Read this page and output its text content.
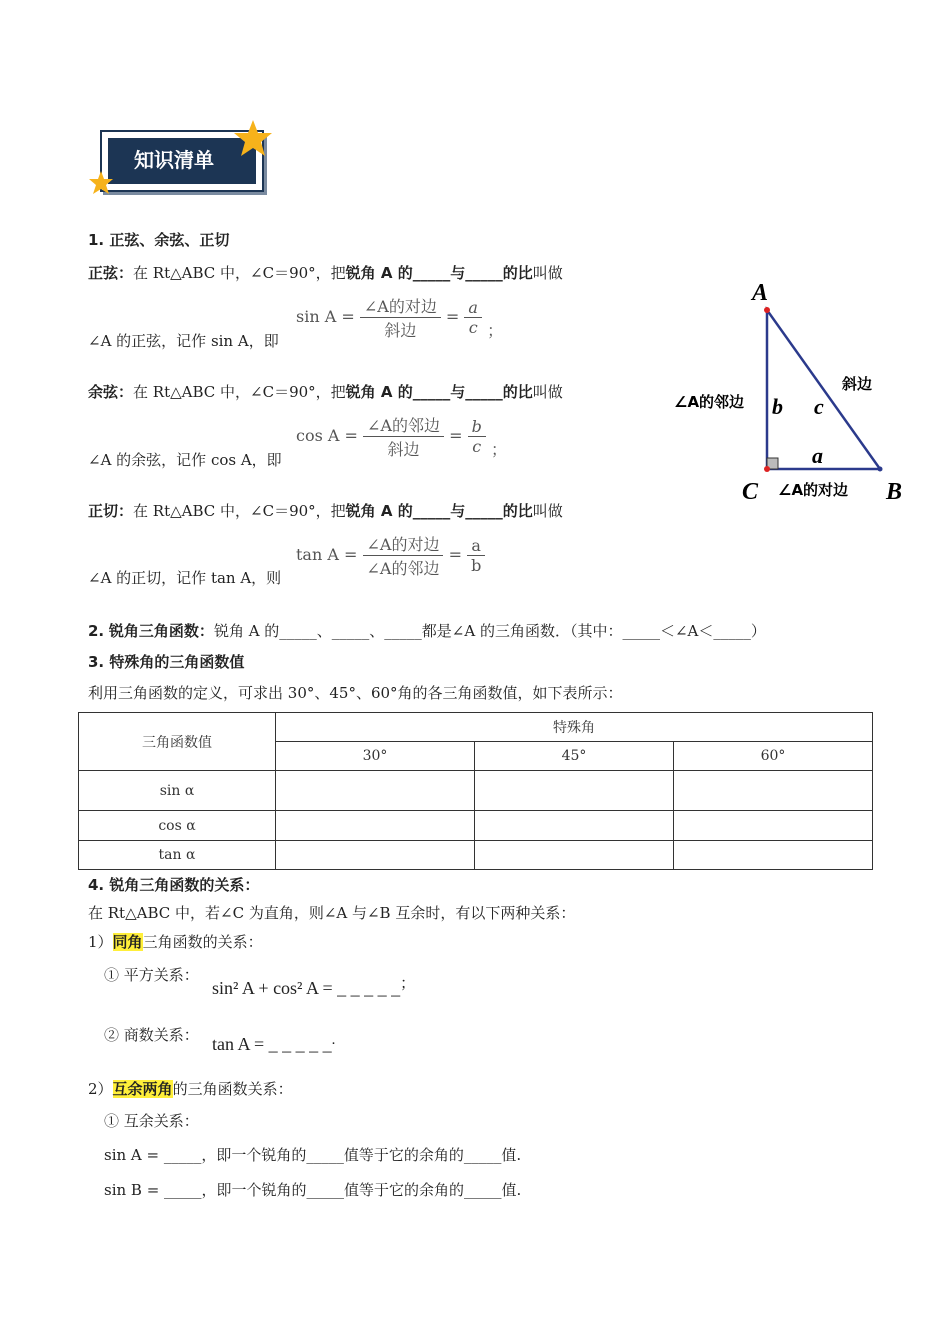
知识清单
1. 正弦、余弦、正切
正弦：在 Rt△ABC 中，∠C＝90°，把锐角 A 的_____与_____的比叫做
∠A 的正弦，记作 sin A，即
$\sin A = \frac{\text{∠A的对边}}{\text{斜边}} = \frac{a}{c}$ ；
余弦：在 Rt△ABC 中，∠C＝90°，把锐角 A 的_____与_____的比叫做
∠A 的余弦，记作 cos A，即
$\cos A = \frac{\text{∠A的邻边}}{\text{斜边}} = \frac{b}{c}$ ；
正切：在 Rt△ABC 中，∠C＝90°，把锐角 A 的_____与_____的比叫做
∠A 的正切，记作 tan A，则
$\tan A = \frac{\text{∠A的对边}}{\text{∠A的邻边}} = \frac{a}{b}$
A
C	B
b c
a
斜边
∠A的邻边
∠A的对边
2. 锐角三角函数：锐角 A 的_____、_____、_____都是∠A 的三角函数．（其中：_____＜∠A＜_____）
3. 特殊角的三角函数值
利用三角函数的定义，可求出 30°、45°、60°角的各三角函数值，如下表所示：
三角函数值	特殊角		
	30°	45°	60°
sin α			
cos α			
tan α			
4. 锐角三角函数的关系：
在 Rt△ABC 中，若∠C 为直角，则∠A 与∠B 互余时，有以下两种关系：
1）同角三角函数的关系：
① 平方关系：
sin² A + cos² A = _ _ _ _ _；
② 商数关系： tan A = _ _ _ _ _.
2）互余两角的三角函数关系：
① 互余关系：
sin A = _____，即一个锐角的_____值等于它的余角的_____值.
sin B = _____，即一个锐角的_____值等于它的余角的_____值.
